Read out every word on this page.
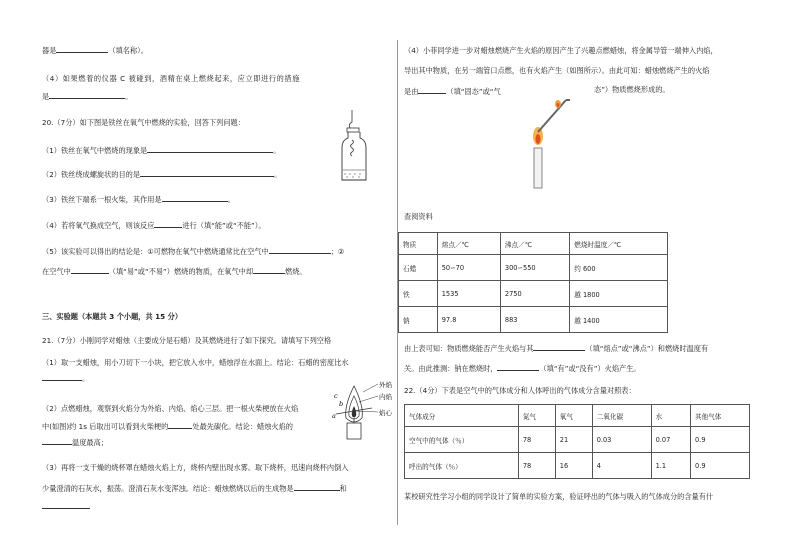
器是	（填名称）。
（4）如果燃着的仪器 C 被碰到，酒精在桌上燃烧起来，应立即进行的措施
是	。
20.（7分）如下图是铁丝在氧气中燃烧的实验，回答下列问题：
（1）铁丝在氧气中燃烧的现象是	。
（2）铁丝绕成螺旋状的目的是	。
（3）铁丝下端系一根火柴，其作用是	。
（4）若将氧气换成空气，则该反应	进行（填“能”或“不能”）。
（5）该实验可以得出的结论是：①可燃物在氧气中燃烧通常比在空气中	；②
在空气中	（填“易”或“不易”）燃烧的物质，在氧气中却	燃烧。
三、实验题（本题共 3 个小题，共 15 分）
21.（7分）小刚同学对蜡烛（主要成分是石蜡）及其燃烧进行了如下探究。请填写下列空格
（1）取一支蜡烛，用小刀切下一小块，把它放入水中，蜡烛浮在水面上。结论：石蜡的密度比水
。
（2）点燃蜡烛，观察到火焰分为外焰、内焰、焰心三层。把一根火柴梗放在火焰
中(如图)约 1s 后取出可以看到火柴梗的	处最先碳化。结论：蜡烛火焰的
温度最高；
外焰
内焰
焰心
c
b
a
（3）再将一支干燥的烧杯罩在蜡烛火焰上方，烧杯内壁出现水雾。取下烧杯，迅速向烧杯内倒入
少量澄清的石灰水，振荡。澄清石灰水变浑浊。结论：蜡烛燃烧以后的生成物是	和
（4）小菲同学进一步对蜡烛燃烧产生火焰的原因产生了兴趣点燃蜡烛，将金属导管一端伸入内焰，
导出其中物质，在另一端管口点燃，也有火焰产生（如图所示）。由此可知：蜡烛燃烧产生的火焰
是由	（填“固态”或“气	态”）物质燃烧形成的。
查阅资料
物质	熔点／℃	沸点／℃	燃烧时温度／℃
石蜡	50∽70	300∽550	约 600
铁	1535	2750	越 1800
钠	97.8	883	越 1400
由上表可知：物质燃烧能否产生火焰与其	（填“熔点”或“沸点”）和燃烧时温度有
关。由此推测：钠在燃烧时，	（填“有”或“没有”）火焰产生。
22.（4分）下表是空气中的气体成分和人体呼出的气体成分含量对照表：
气体成分	氮气	氧气	二氧化碳	水	其他气体
空气中的气体（％）	78	21	0.03	0.07	0.9
呼出的气体（％）	78	16	4	1.1	0.9
某校研究性学习小组的同学设计了简单的实验方案，验证呼出的气体与吸入的气体成分的含量有什
